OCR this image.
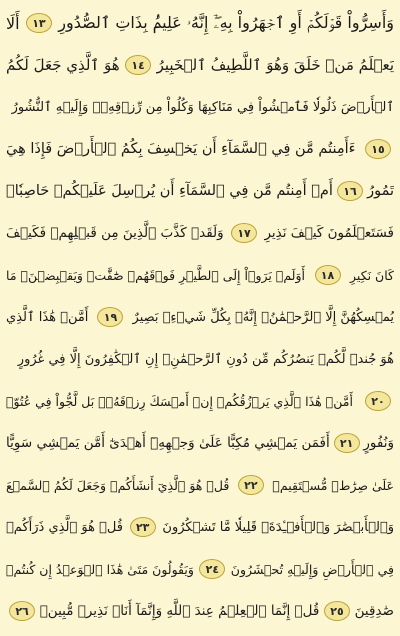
وَأَسِرُّواْ قَوۡلَكُمۡ أَوِ ٱجۡهَرُواْ بِهِۦٓۖ إِنَّهُۥ عَلِيمُۢ بِذَاتِ ٱلصُّدُورِ
١٣
أَلَا
يَعۡلَمُ مَنۡ خَلَقَ وَهُوَ ٱللَّطِيفُ ٱلۡخَبِيرُ
١٤
هُوَ ٱلَّذِي جَعَلَ لَكُمُ
ٱلۡأَرۡضَ ذَلُولٗا فَٱمۡشُواْ فِي مَنَاكِبِهَا وَكُلُواْ مِن رِّزۡقِهِۦۖ وَإِلَيۡهِ ٱلنُّشُورُ
١٥
ءَأَمِنتُم مَّن فِي ٱلسَّمَآءِ أَن يَخۡسِفَ بِكُمُ ٱلۡأَرۡضَ فَإِذَا هِيَ
تَمُورُ
١٦
أَمۡ أَمِنتُم مَّن فِي ٱلسَّمَآءِ أَن يُرۡسِلَ عَلَيۡكُمۡ حَاصِبٗاۖ
فَسَتَعۡلَمُونَ كَيۡفَ نَذِيرِ
١٧
وَلَقَدۡ كَذَّبَ ٱلَّذِينَ مِن قَبۡلِهِمۡ فَكَيۡفَ
كَانَ نَكِيرِ
١٨
أَوَلَمۡ يَرَوۡاْ إِلَى ٱلطَّيۡرِ فَوۡقَهُمۡ صَٰٓفَّٰتٖ وَيَقۡبِضۡنَۚ مَا
يُمۡسِكُهُنَّ إِلَّا ٱلرَّحۡمَٰنُۚ إِنَّهُۥ بِكُلِّ شَيۡءِۭ بَصِيرٌ
١٩
أَمَّنۡ هَٰذَا ٱلَّذِي
هُوَ جُندٞ لَّكُمۡ يَنصُرُكُم مِّن دُونِ ٱلرَّحۡمَٰنِۚ إِنِ ٱلۡكَٰفِرُونَ إِلَّا فِي غُرُورٍ
٢٠
أَمَّنۡ هَٰذَا ٱلَّذِي يَرۡزُقُكُمۡ إِنۡ أَمۡسَكَ رِزۡقَهُۥۚ بَل لَّجُّواْ فِي عُتُوّٖ
وَنُفُورٍ
٢١
أَفَمَن يَمۡشِي مُكِبًّا عَلَىٰ وَجۡهِهِۦٓ أَهۡدَىٰٓ أَمَّن يَمۡشِي سَوِيًّا
عَلَىٰ صِرَٰطٖ مُّسۡتَقِيمٖ
٢٢
قُلۡ هُوَ ٱلَّذِيٓ أَنشَأَكُمۡ وَجَعَلَ لَكُمُ ٱلسَّمۡعَ
وَٱلۡأَبۡصَٰرَ وَٱلۡأَفۡـِٔدَةَۚ قَلِيلٗا مَّا تَشۡكُرُونَ
٢٣
قُلۡ هُوَ ٱلَّذِي ذَرَأَكُمۡ
فِي ٱلۡأَرۡضِ وَإِلَيۡهِ تُحۡشَرُونَ
٢٤
وَيَقُولُونَ مَتَىٰ هَٰذَا ٱلۡوَعۡدُ إِن كُنتُمۡ
صَٰدِقِينَ
٢٥
قُلۡ إِنَّمَا ٱلۡعِلۡمُ عِندَ ٱللَّهِ وَإِنَّمَآ أَنَا۠ نَذِيرٞ مُّبِينٞ
٢٦
